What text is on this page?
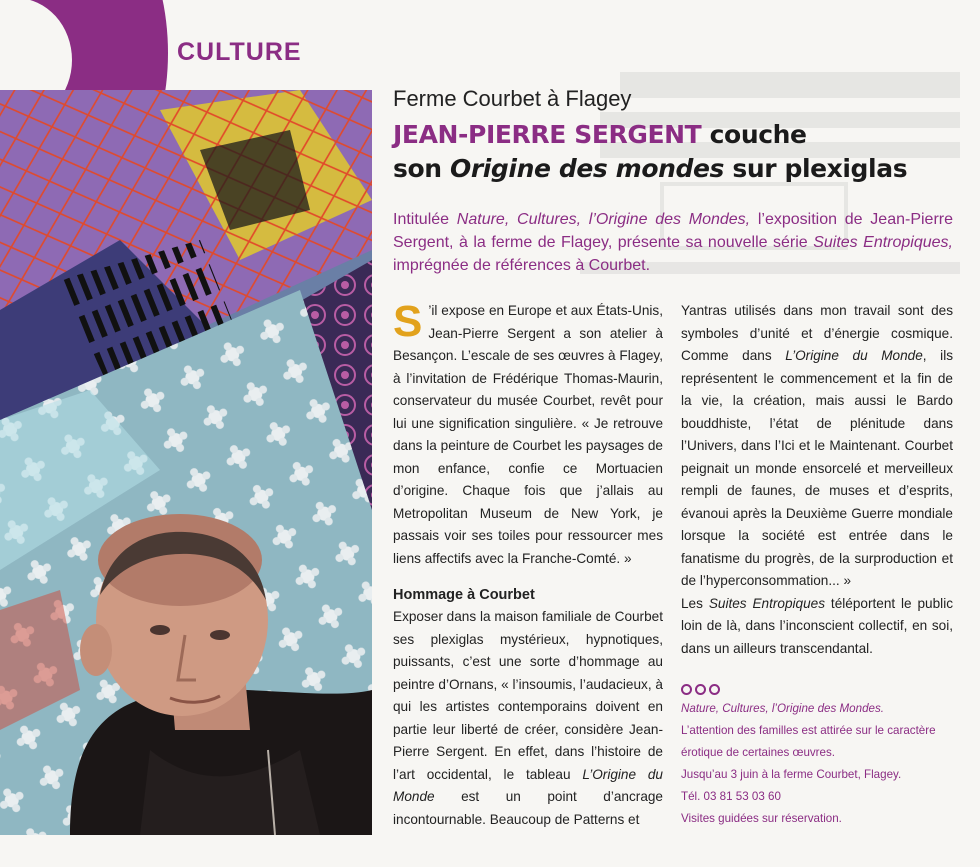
CULTURE
Ferme Courbet à Flagey
JEAN-PIERRE SERGENT couche
son Origine des mondes sur plexiglas
Intitulée Nature, Cultures, l’Origine des Mondes, l’exposition de Jean-Pierre Sergent, à la ferme de Flagey, présente sa nouvelle série Suites Entropiques, imprégnée de références à Courbet.

S ’il expose en Europe et aux États-Unis, Jean-Pierre Sergent a son atelier à Besançon. L’escale de ses œuvres à Flagey, à l’invitation de Frédérique Thomas-Maurin, conservateur du musée Courbet, revêt pour lui une signification singulière. « Je retrouve dans la peinture de Courbet les paysages de mon enfance, confie ce Mortuacien d’origine. Chaque fois que j’allais au Metropolitan Museum de New York, je passais voir ses toiles pour ressourcer mes liens affectifs avec la Franche-Comté. »

Hommage à Courbet

Exposer dans la maison familiale de Courbet ses plexiglas mystérieux, hypnotiques, puissants, c’est une sorte d’hommage au peintre d’Ornans, « l’insoumis, l’audacieux, à qui les artistes contemporains doivent en partie leur liberté de créer, considère Jean-Pierre Sergent. En effet, dans l’histoire de l’art occidental, le tableau L’Origine du Monde est un point d’ancrage incontournable. Beaucoup de Patterns et

Yantras utilisés dans mon travail sont des symboles d’unité et d’énergie cosmique. Comme dans L’Origine du Monde, ils représentent le commencement et la fin de la vie, la création, mais aussi le Bardo bouddhiste, l’état de plénitude dans l’Univers, dans l’Ici et le Maintenant. Courbet peignait un monde ensorcelé et merveilleux rempli de faunes, de muses et d’esprits, évanoui après la Deuxième Guerre mondiale lorsque la société est entrée dans le fanatisme du progrès, de la surproduction et de l’hyperconsommation... »

Les Suites Entropiques téléportent le public loin de là, dans l’inconscient collectif, en soi, dans un ailleurs transcendantal.

Nature, Cultures, l’Origine des Mondes.
L’attention des familles est attirée sur le caractère
érotique de certaines œuvres.
Jusqu’au 3 juin à la ferme Courbet, Flagey.
Tél. 03 81 53 03 60
Visites guidées sur réservation.
